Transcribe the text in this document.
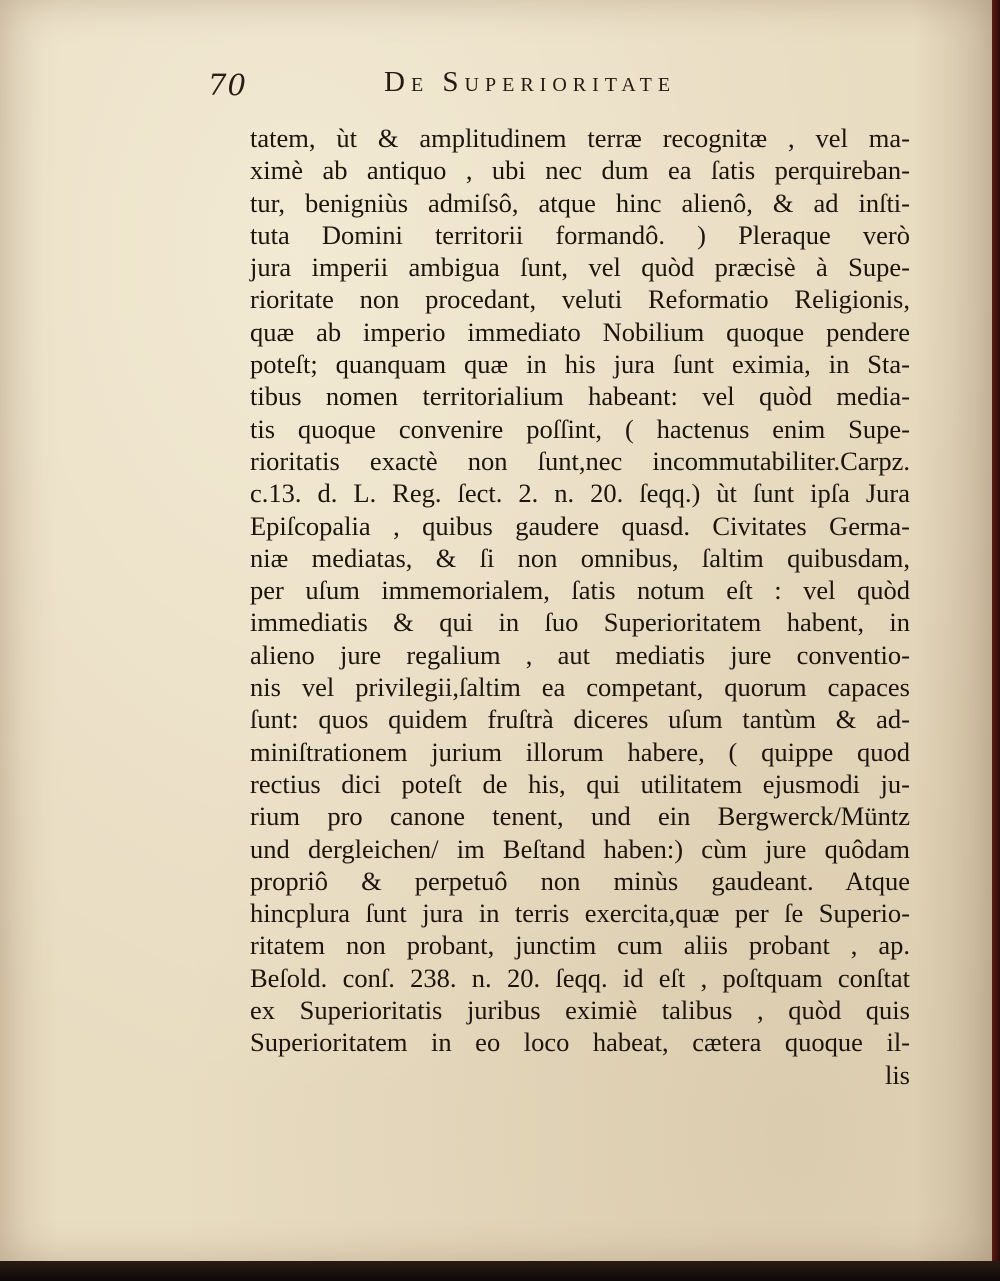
70	De Superioritate
tatem, ùt & amplitudinem terræ recognitæ , vel ma-
ximè ab antiquo , ubi nec dum ea ſatis perquireban-
tur, benigniùs admiſsô, atque hinc alienô, & ad inſti-
tuta Domini territorii formandô. ) Pleraque verò
jura imperii ambigua ſunt, vel quòd præcisè à Supe-
rioritate non procedant, veluti Reformatio Religionis,
quæ ab imperio immediato Nobilium quoque pendere
poteſt; quanquam quæ in his jura ſunt eximia, in Sta-
tibus nomen territorialium habeant: vel quòd media-
tis quoque convenire poſſint, ( hactenus enim Supe-
rioritatis exactè non ſunt,nec incommutabiliter.Carpz.
c.13. d. L. Reg. ſect. 2. n. 20. ſeqq.) ùt ſunt ipſa Jura
Epiſcopalia , quibus gaudere quasd. Civitates Germa-
niæ mediatas, & ſi non omnibus, ſaltim quibusdam,
per uſum immemorialem, ſatis notum eſt : vel quòd
immediatis & qui in ſuo Superioritatem habent, in
alieno jure regalium , aut mediatis jure conventio-
nis vel privilegii,ſaltim ea competant, quorum capaces
ſunt: quos quidem fruſtrà diceres uſum tantùm & ad-
miniſtrationem jurium illorum habere, ( quippe quod
rectius dici poteſt de his, qui utilitatem ejusmodi ju-
rium pro canone tenent, und ein Bergwerck/Müntz
und dergleichen/ im Beſtand haben:) cùm jure quôdam
propriô & perpetuô non minùs gaudeant. Atque
hincplura ſunt jura in terris exercita,quæ per ſe Superio-
ritatem non probant, junctim cum aliis probant , ap.
Beſold. conſ. 238. n. 20. ſeqq. id eſt , poſtquam conſtat
ex Superioritatis juribus eximiè talibus , quòd quis
Superioritatem in eo loco habeat, cætera quoque il-
lis
